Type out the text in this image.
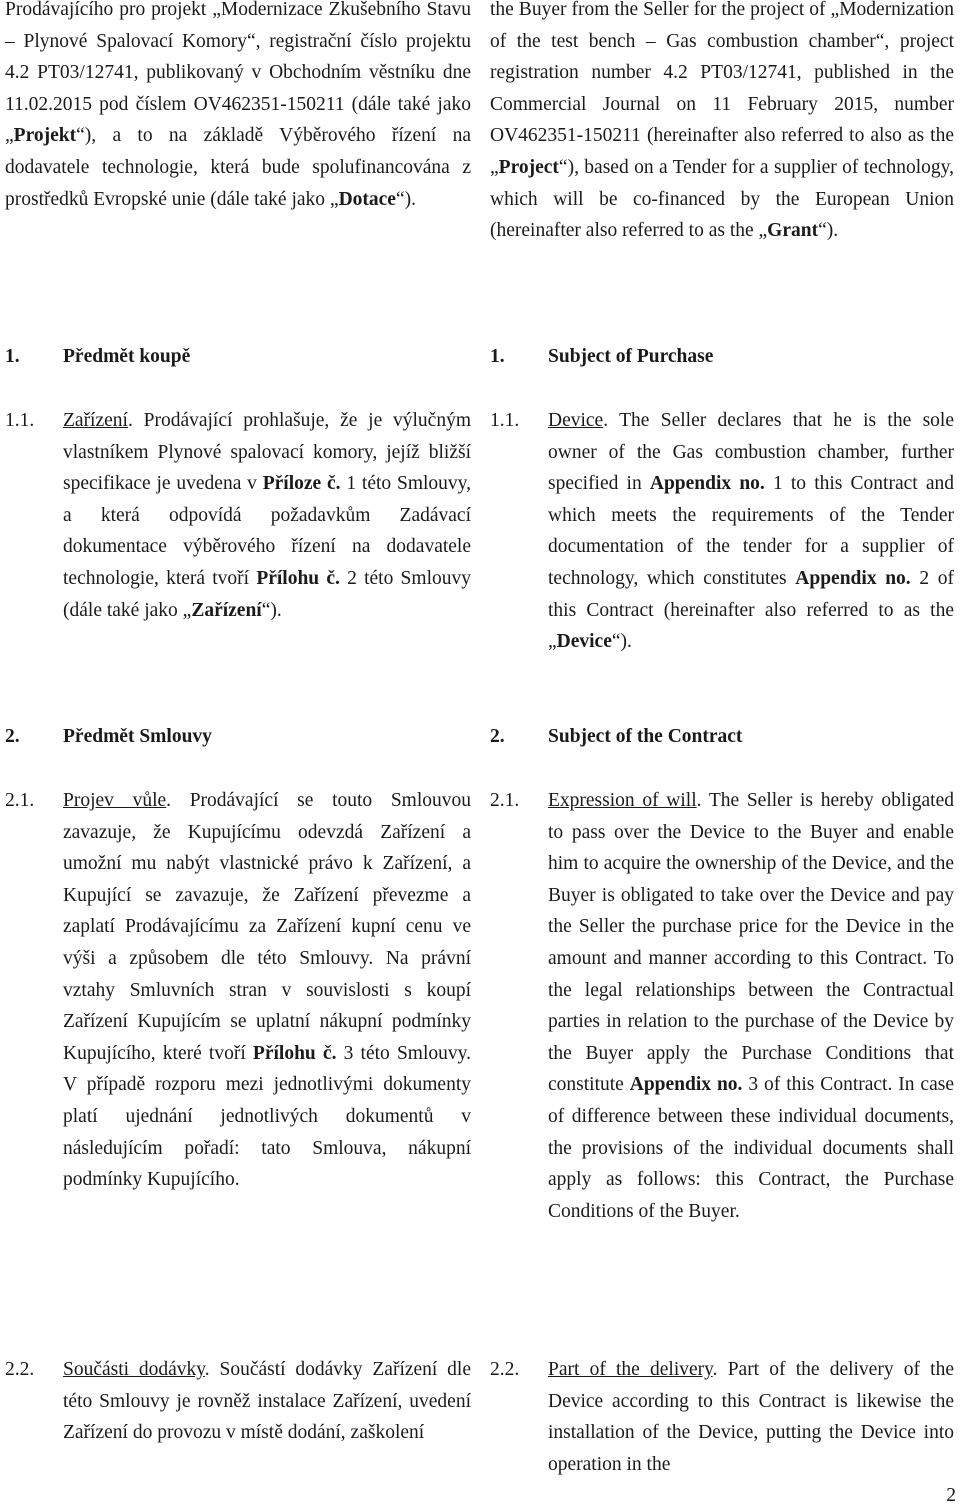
Prodávajícího pro projekt „Modernizace Zkušebního Stavu – Plynové Spalovací Komory“, registrační číslo projektu 4.2 PT03/12741, publikovaný v Obchodním věstníku dne 11.02.2015 pod číslem OV462351-150211 (dále také jako „Projekt“), a to na základě Výběrového řízení na dodavatele technologie, která bude spolufinancována z prostředků Evropské unie (dále také jako „Dotace“).

1.	Předmět koupě
1.1.	Zařízení. Prodávající prohlašuje, že je výlučným vlastníkem Plynové spalovací komory, jejíž bližší specifikace je uvedena v Příloze č. 1 této Smlouvy, a která odpovídá požadavkům Zadávací dokumentace výběrového řízení na dodavatele technologie, která tvoří Přílohu č. 2 této Smlouvy (dále také jako „Zařízení“).

2.	Předmět Smlouvy
2.1.	Projev vůle. Prodávající se touto Smlouvou zavazuje, že Kupujícímu odevzdá Zařízení a umožní mu nabýt vlastnické právo k Zařízení, a Kupující se zavazuje, že Zařízení převezme a zaplatí Prodávajícímu za Zařízení kupní cenu ve výši a způsobem dle této Smlouvy. Na právní vztahy Smluvních stran v souvislosti s koupí Zařízení Kupujícím se uplatní nákupní podmínky Kupujícího, které tvoří Přílohu č. 3 této Smlouvy. V případě rozporu mezi jednotlivými dokumenty platí ujednání jednotlivých dokumentů v následujícím pořadí: tato Smlouva, nákupní podmínky Kupujícího.

2.2.	Součásti dodávky. Součástí dodávky Zařízení dle této Smlouvy je rovněž instalace Zařízení, uvedení Zařízení do provozu v místě dodání, zaškolení

the Buyer from the Seller for the project of „Modernization of the test bench – Gas combustion chamber“, project registration number 4.2 PT03/12741, published in the Commercial Journal on 11 February 2015, number OV462351-150211 (hereinafter also referred to also as the „Project“), based on a Tender for a supplier of technology, which will be co-financed by the European Union (hereinafter also referred to as the „Grant“).

1.	Subject of Purchase
1.1.	Device. The Seller declares that he is the sole owner of the Gas combustion chamber, further specified in Appendix no. 1 to this Contract and which meets the requirements of the Tender documentation of the tender for a supplier of technology, which constitutes Appendix no. 2 of this Contract (hereinafter also referred to as the „Device“).

2.	Subject of the Contract
2.1.	Expression of will. The Seller is hereby obligated to pass over the Device to the Buyer and enable him to acquire the ownership of the Device, and the Buyer is obligated to take over the Device and pay the Seller the purchase price for the Device in the amount and manner according to this Contract. To the legal relationships between the Contractual parties in relation to the purchase of the Device by the Buyer apply the Purchase Conditions that constitute Appendix no. 3 of this Contract. In case of difference between these individual documents, the provisions of the individual documents shall apply as follows: this Contract, the Purchase Conditions of the Buyer.

2.2.	Part of the delivery. Part of the delivery of the Device according to this Contract is likewise the installation of the Device, putting the Device into operation in the

2
